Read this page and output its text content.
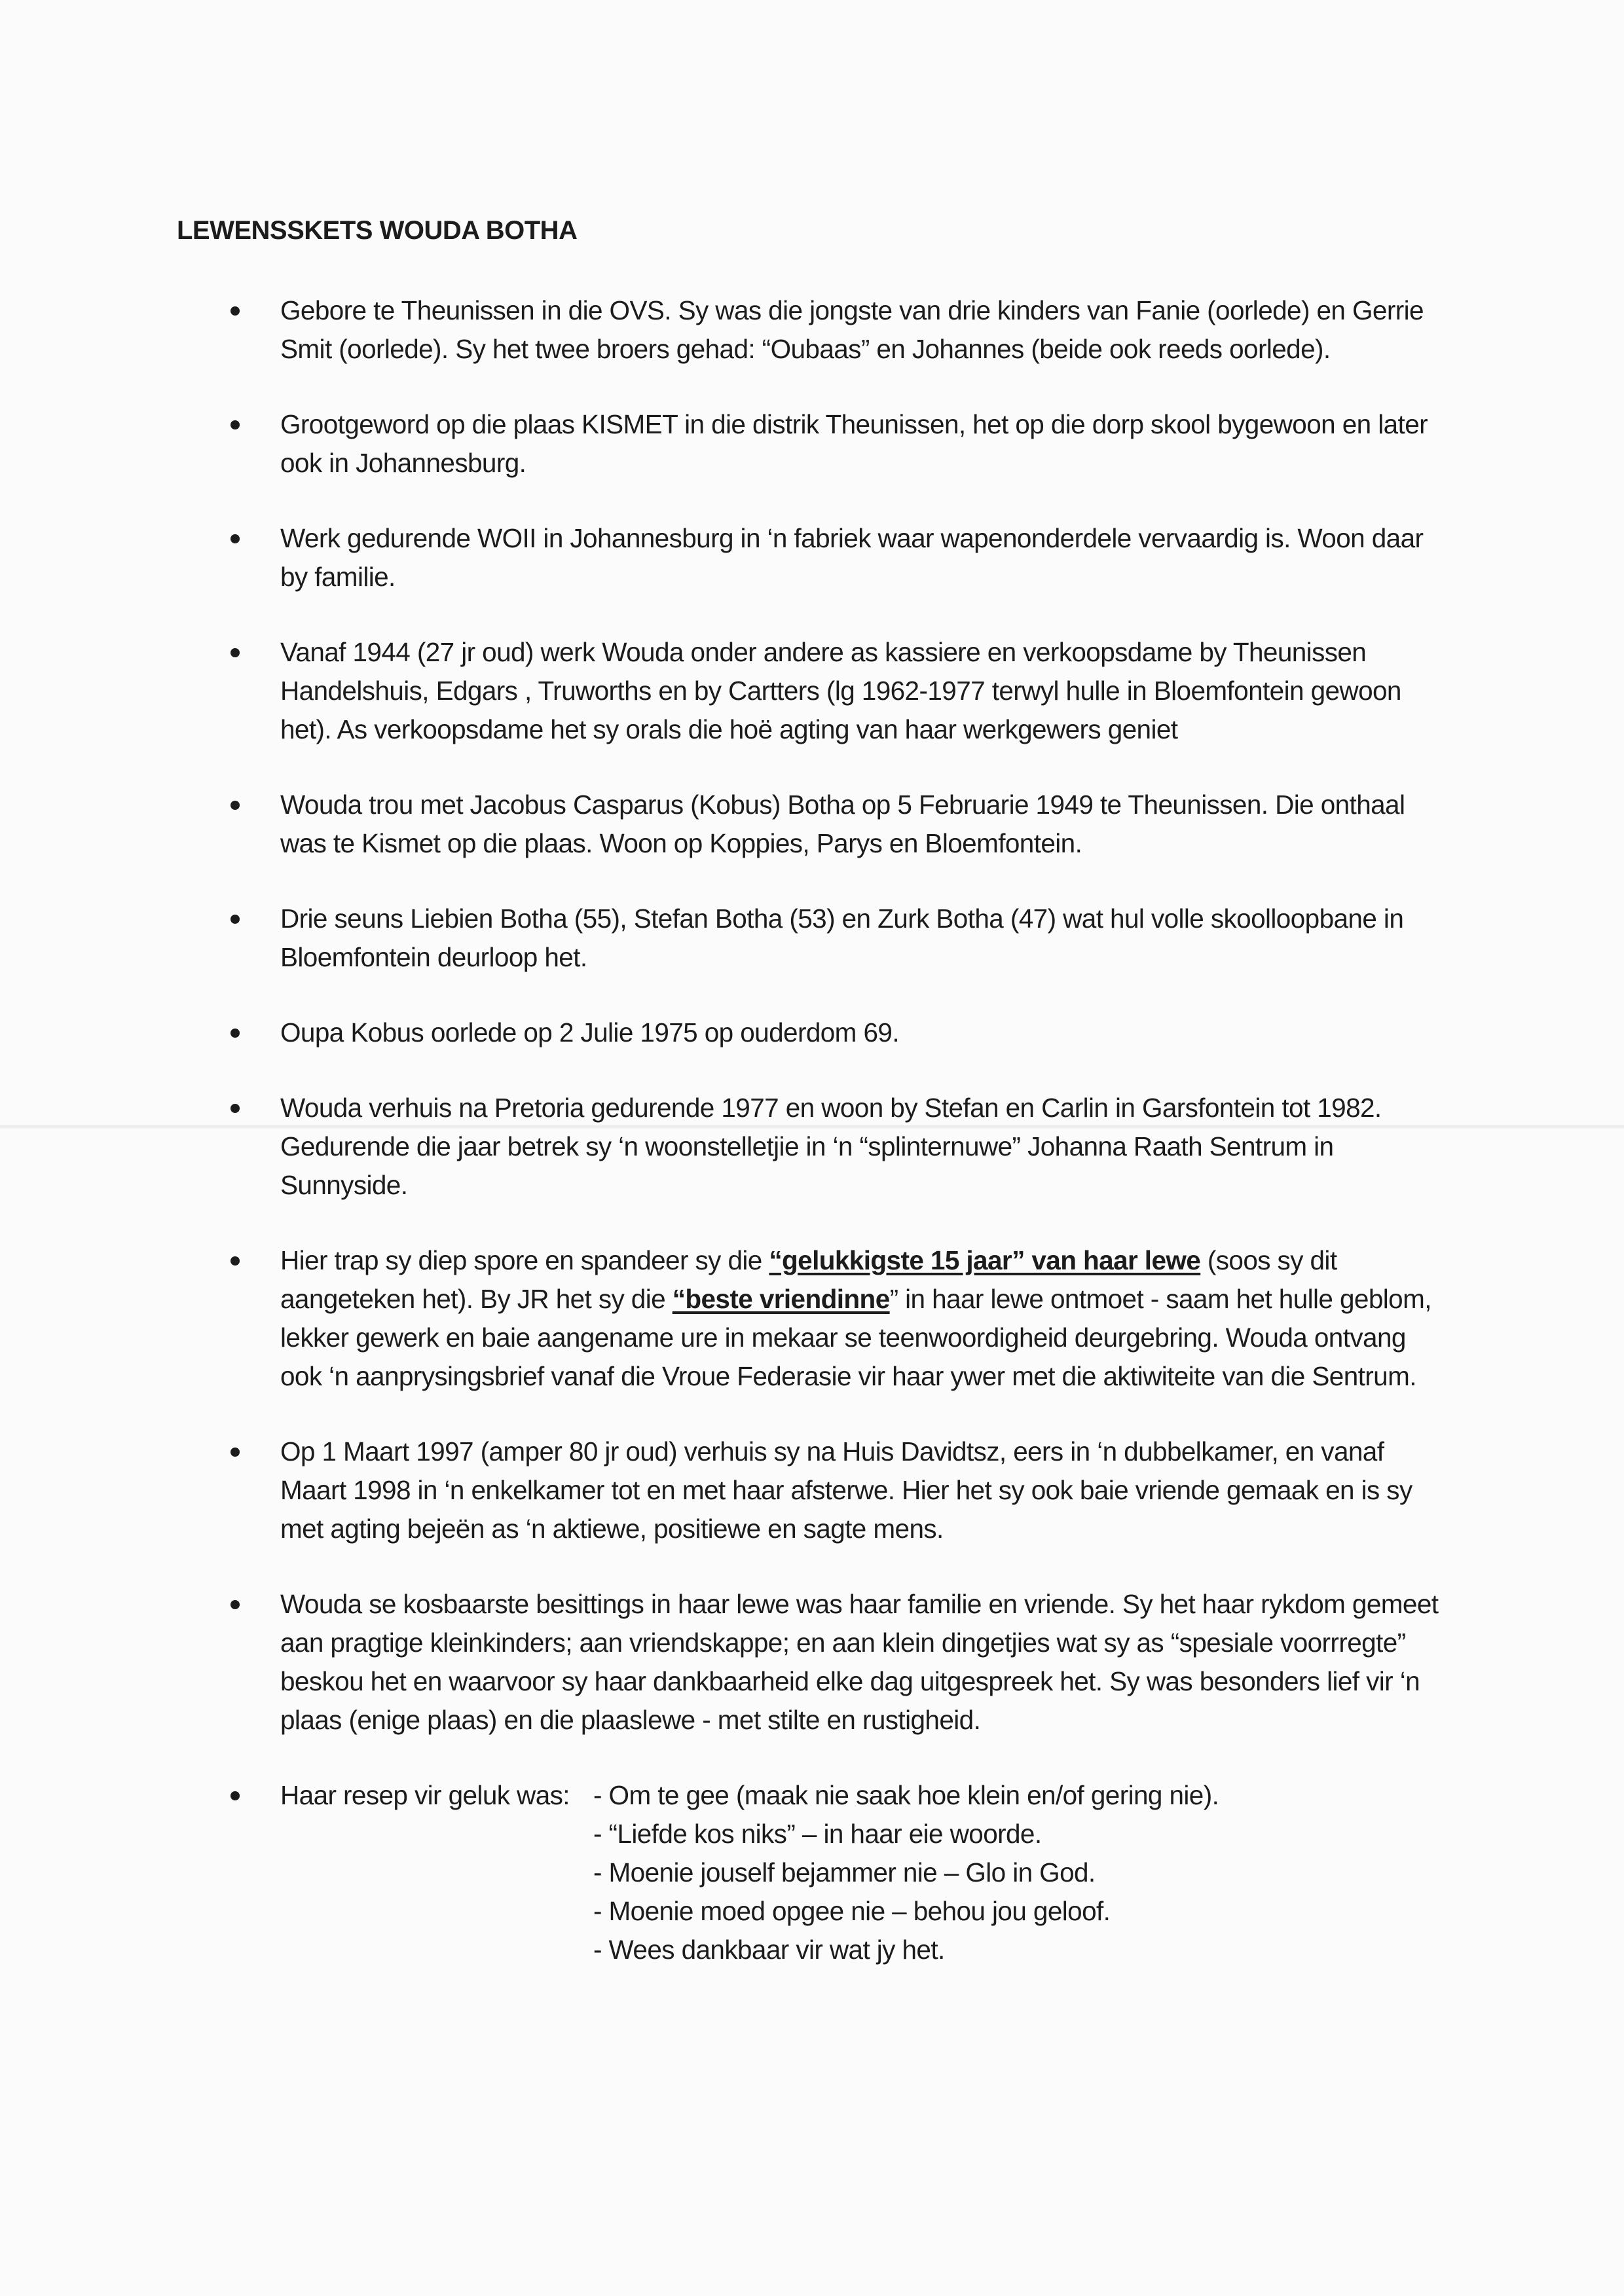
LEWENSSKETS WOUDA BOTHA
Gebore te Theunissen in die OVS. Sy was die jongste van drie kinders van Fanie (oorlede) en Gerrie Smit (oorlede). Sy het twee broers gehad: “Oubaas” en Johannes (beide ook reeds oorlede).
Grootgeword op die plaas KISMET in die distrik Theunissen, het op die dorp skool bygewoon en later ook in Johannesburg.
Werk gedurende WOII in Johannesburg in ‘n fabriek waar wapenonderdele vervaardig is. Woon daar by familie.
Vanaf 1944 (27 jr oud) werk Wouda onder andere as kassiere en verkoopsdame by Theunissen Handelshuis, Edgars , Truworths en by Cartters (lg 1962-1977 terwyl hulle in Bloemfontein gewoon het). As verkoopsdame het sy orals die hoë agting van haar werkgewers geniet
Wouda trou met Jacobus Casparus (Kobus) Botha op 5 Februarie 1949 te Theunissen. Die onthaal was te Kismet op die plaas. Woon op Koppies, Parys en Bloemfontein.
Drie seuns Liebien Botha (55), Stefan Botha (53) en Zurk Botha (47) wat hul volle skoolloopbane in Bloemfontein deurloop het.
Oupa Kobus oorlede op 2 Julie 1975 op ouderdom 69.
Wouda verhuis na Pretoria gedurende 1977 en woon by Stefan en Carlin in Garsfontein tot 1982. Gedurende die jaar betrek sy ‘n woonstelletjie in ‘n “splinternuwe” Johanna Raath Sentrum in Sunnyside.
Hier trap sy diep spore en spandeer sy die “gelukkigste 15 jaar” van haar lewe (soos sy dit aangeteken het). By JR het sy die “beste vriendinne” in haar lewe ontmoet - saam het hulle geblom, lekker gewerk en baie aangename ure in mekaar se teenwoordigheid deurgebring. Wouda ontvang ook ‘n aanprysingsbrief vanaf die Vroue Federasie vir haar ywer met die aktiwiteite van die Sentrum.
Op 1 Maart 1997 (amper 80 jr oud) verhuis sy na Huis Davidtsz, eers in ‘n dubbelkamer, en vanaf Maart 1998 in ‘n enkelkamer tot en met haar afsterwe. Hier het sy ook baie vriende gemaak en is sy met agting bejeën as ‘n aktiewe, positiewe en sagte mens.
Wouda se kosbaarste besittings in haar lewe was haar familie en vriende. Sy het haar rykdom gemeet aan pragtige kleinkinders; aan vriendskappe; en aan klein dingetjies wat sy as “spesiale voorrregte” beskou het en waarvoor sy haar dankbaarheid elke dag uitgespreek het. Sy was besonders lief vir ‘n plaas (enige plaas) en die plaaslewe - met stilte en rustigheid.
Haar resep vir geluk was: - Om te gee (maak nie saak hoe klein en/of gering nie).
- “Liefde kos niks” – in haar eie woorde.
- Moenie jouself bejammer nie – Glo in God.
- Moenie moed opgee nie – behou jou geloof.
- Wees dankbaar vir wat jy het.
